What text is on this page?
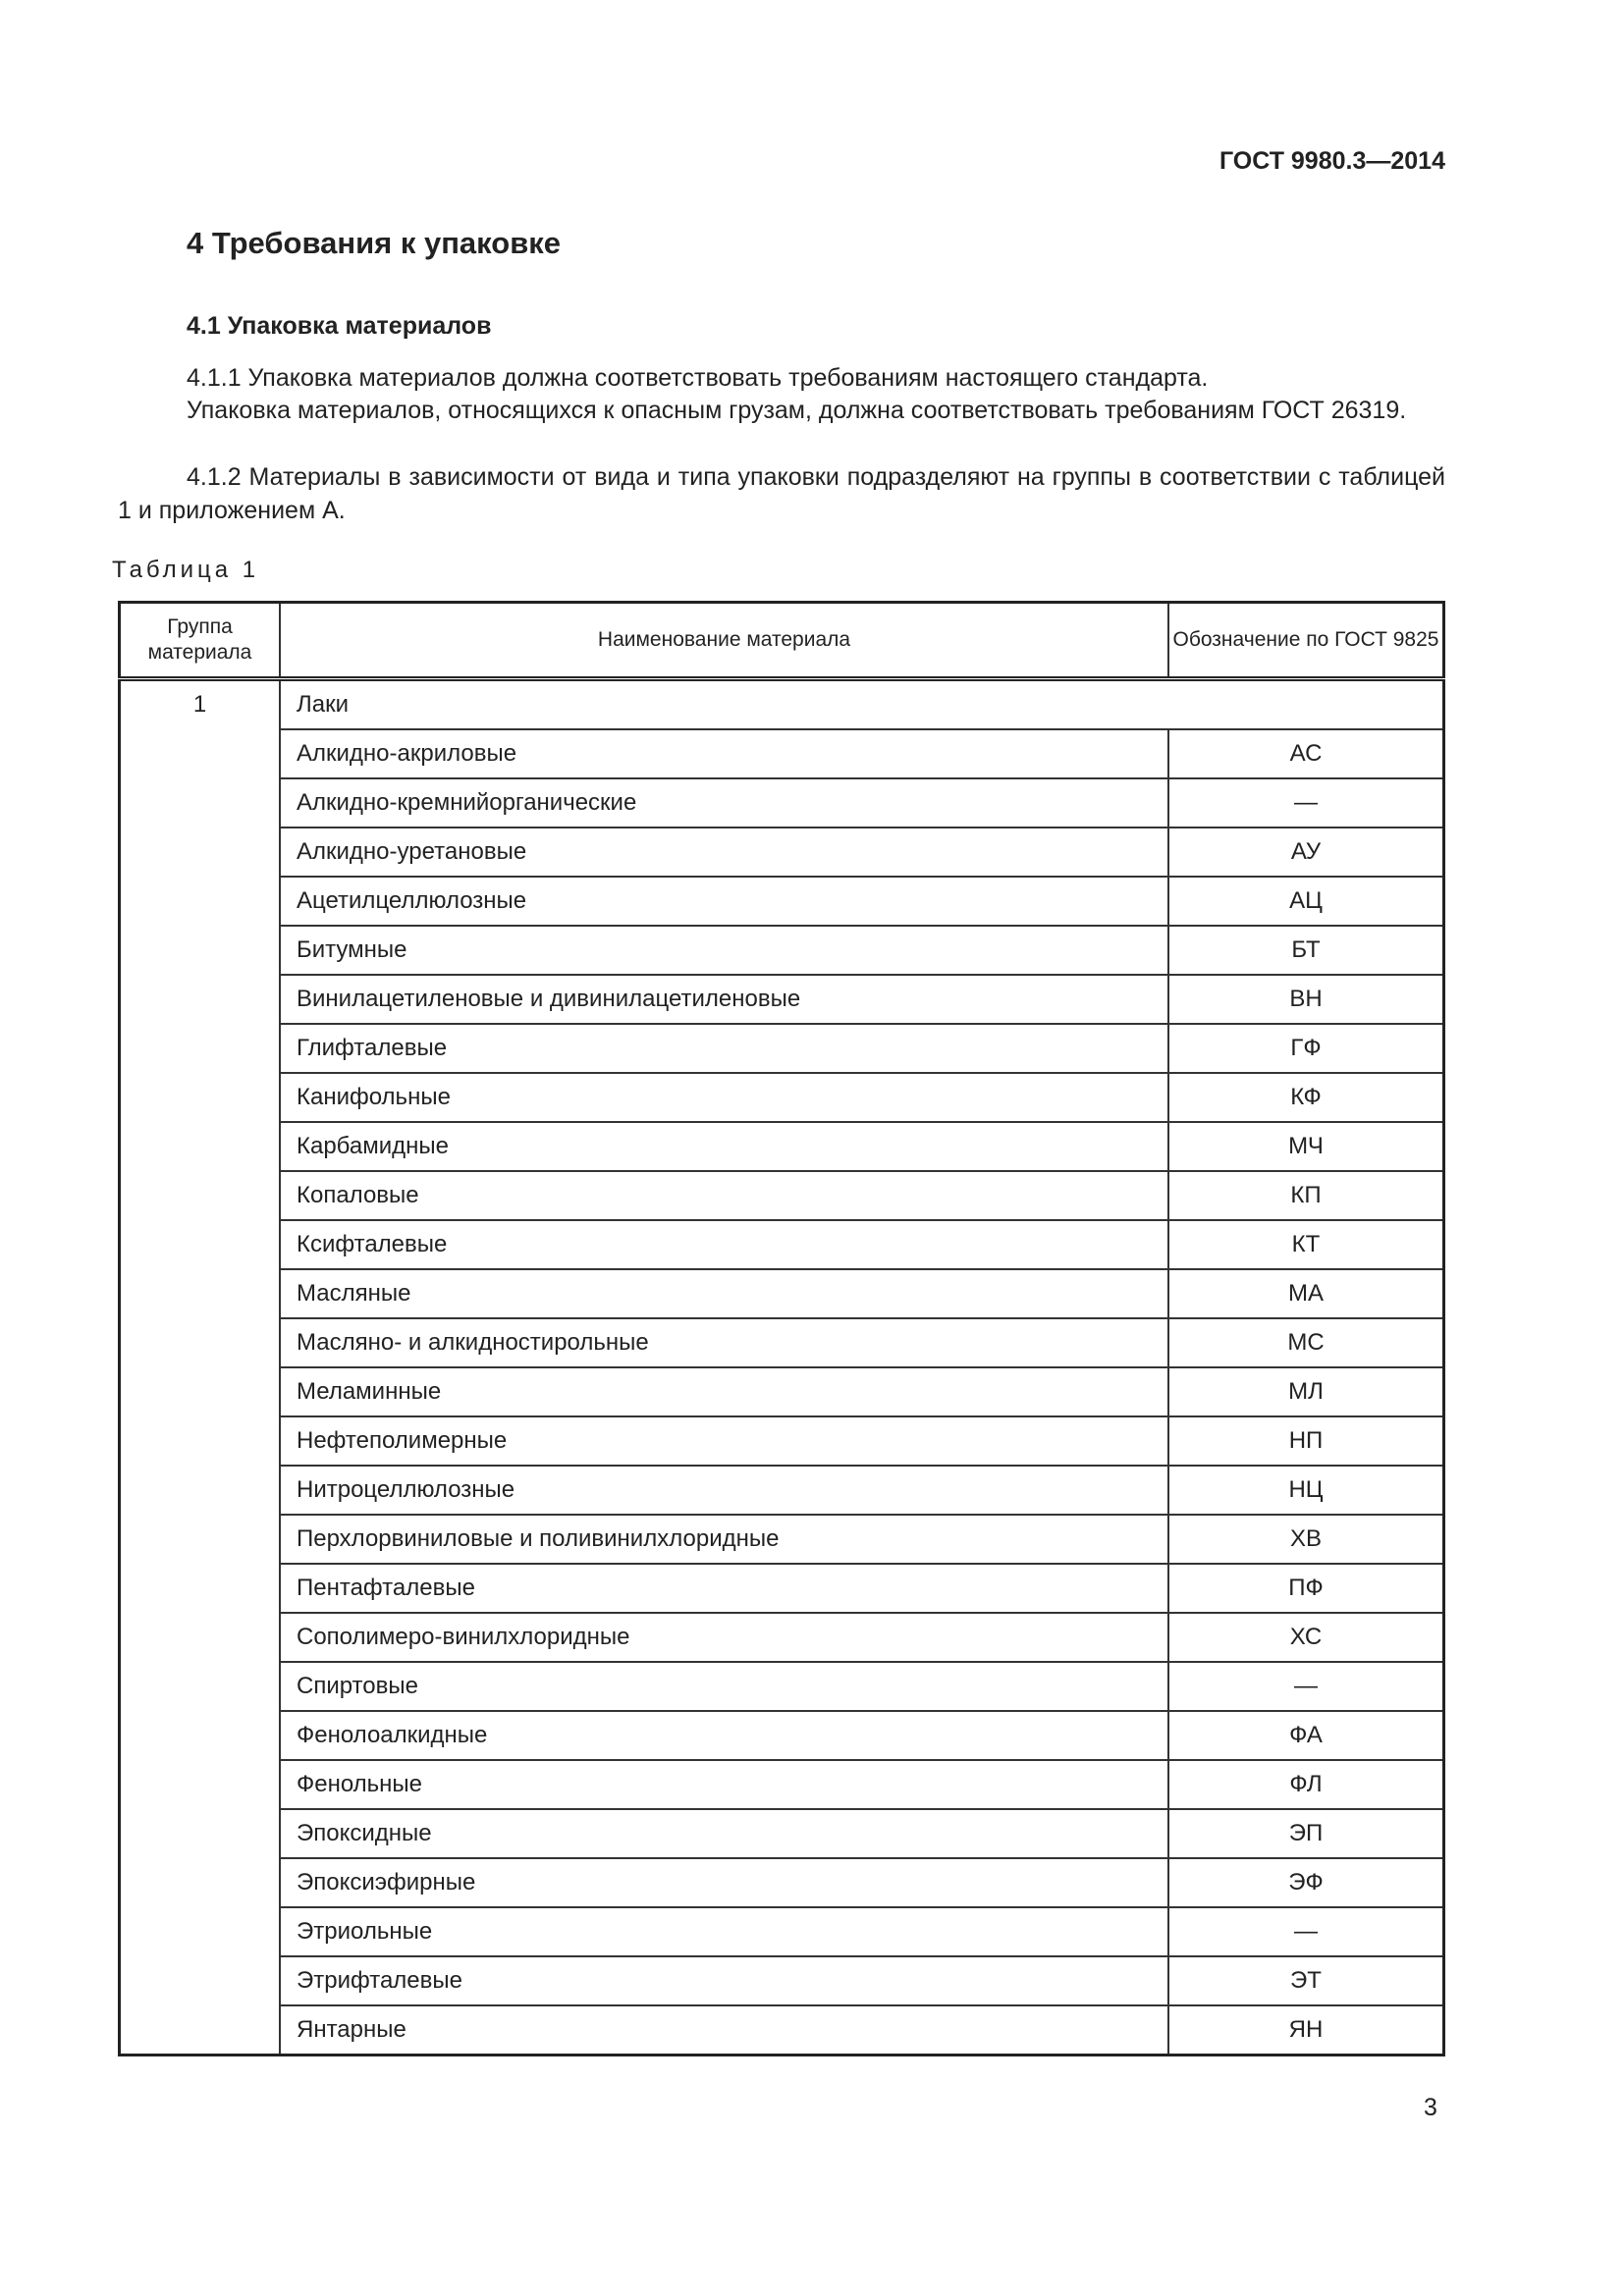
ГОСТ 9980.3—2014
4 Требования к упаковке
4.1 Упаковка материалов
4.1.1 Упаковка материалов должна соответствовать требованиям настоящего стандарта.
Упаковка материалов, относящихся к опасным грузам, должна соответствовать требованиям ГОСТ 26319.
4.1.2 Материалы в зависимости от вида и типа упаковки подразделяют на группы в соответствии с таблицей 1 и приложением А.
Таблица 1
Группа материала	Наименование материала	Обозначение по ГОСТ 9825
1	Лаки	
	Алкидно-акриловые	АС
	Алкидно-кремнийорганические	—
	Алкидно-уретановые	АУ
	Ацетилцеллюлозные	АЦ
	Битумные	БТ
	Винилацетиленовые и дивинилацетиленовые	ВН
	Глифталевые	ГФ
	Канифольные	КФ
	Карбамидные	МЧ
	Копаловые	КП
	Ксифталевые	КТ
	Масляные	МА
	Масляно- и алкидностирольные	МС
	Меламинные	МЛ
	Нефтеполимерные	НП
	Нитроцеллюлозные	НЦ
	Перхлорвиниловые и поливинилхлоридные	ХВ
	Пентафталевые	ПФ
	Сополимеро-винилхлоридные	ХС
	Спиртовые	—
	Фенолоалкидные	ФА
	Фенольные	ФЛ
	Эпоксидные	ЭП
	Эпоксиэфирные	ЭФ
	Этриольные	—
	Этрифталевые	ЭТ
	Янтарные	ЯН
3
